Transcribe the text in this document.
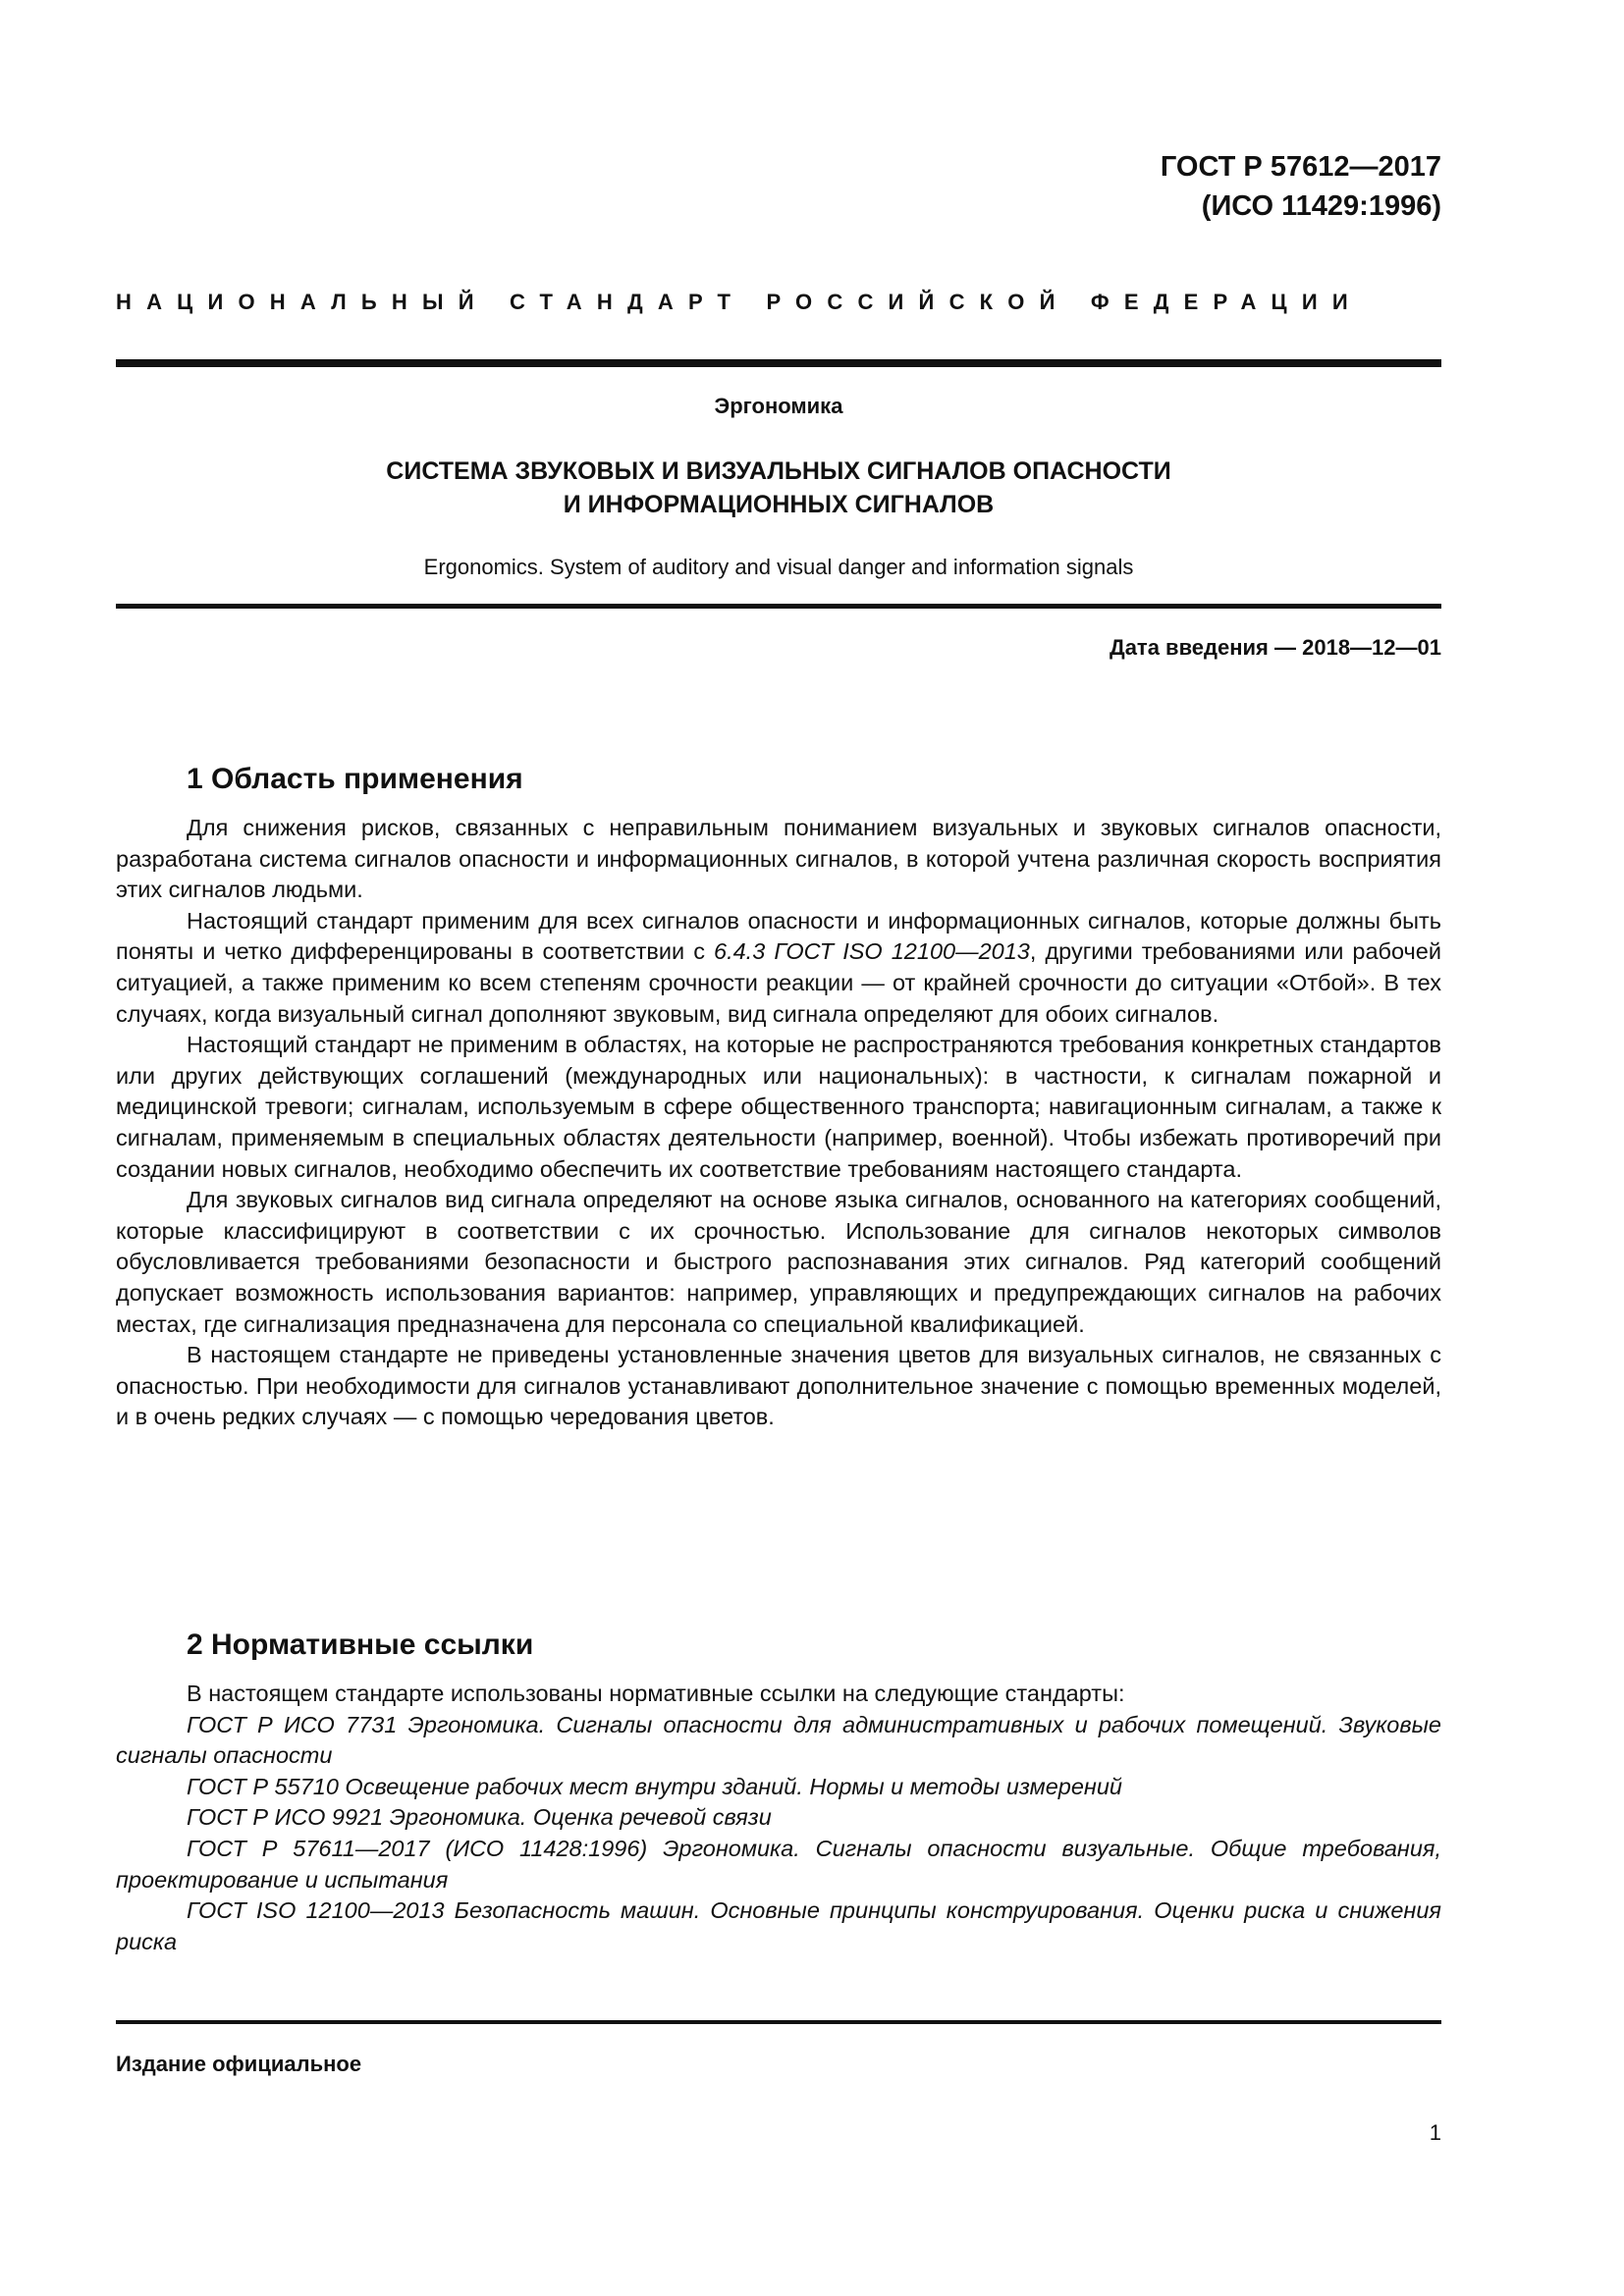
ГОСТ Р 57612—2017
(ИСО 11429:1996)
НАЦИОНАЛЬНЫЙ СТАНДАРТ РОССИЙСКОЙ ФЕДЕРАЦИИ
Эргономика
СИСТЕМА ЗВУКОВЫХ И ВИЗУАЛЬНЫХ СИГНАЛОВ ОПАСНОСТИ
И ИНФОРМАЦИОННЫХ СИГНАЛОВ
Ergonomics. System of auditory and visual danger and information signals
Дата введения — 2018—12—01
1 Область применения

Для снижения рисков, связанных с неправильным пониманием визуальных и звуковых сигналов опасности, разработана система сигналов опасности и информационных сигналов, в которой учтена различная скорость восприятия этих сигналов людьми.

Настоящий стандарт применим для всех сигналов опасности и информационных сигналов, которые должны быть поняты и четко дифференцированы в соответствии с 6.4.3 ГОСТ ISO 12100—2013, другими требованиями или рабочей ситуацией, а также применим ко всем степеням срочности реакции — от крайней срочности до ситуации «Отбой». В тех случаях, когда визуальный сигнал дополняют звуковым, вид сигнала определяют для обоих сигналов.

Настоящий стандарт не применим в областях, на которые не распространяются требования конкретных стандартов или других действующих соглашений (международных или национальных): в частности, к сигналам пожарной и медицинской тревоги; сигналам, используемым в сфере общественного транспорта; навигационным сигналам, а также к сигналам, применяемым в специальных областях деятельности (например, военной). Чтобы избежать противоречий при создании новых сигналов, необходимо обеспечить их соответствие требованиям настоящего стандарта.

Для звуковых сигналов вид сигнала определяют на основе языка сигналов, основанного на категориях сообщений, которые классифицируют в соответствии с их срочностью. Использование для сигналов некоторых символов обусловливается требованиями безопасности и быстрого распознавания этих сигналов. Ряд категорий сообщений допускает возможность использования вариантов: например, управляющих и предупреждающих сигналов на рабочих местах, где сигнализация предназначена для персонала со специальной квалификацией.

В настоящем стандарте не приведены установленные значения цветов для визуальных сигналов, не связанных с опасностью. При необходимости для сигналов устанавливают дополнительное значение с помощью временных моделей, и в очень редких случаях — с помощью чередования цветов.

2 Нормативные ссылки

В настоящем стандарте использованы нормативные ссылки на следующие стандарты:

ГОСТ Р ИСО 7731 Эргономика. Сигналы опасности для административных и рабочих помещений. Звуковые сигналы опасности

ГОСТ Р 55710 Освещение рабочих мест внутри зданий. Нормы и методы измерений

ГОСТ Р ИСО 9921 Эргономика. Оценка речевой связи

ГОСТ Р 57611—2017 (ИСО 11428:1996) Эргономика. Сигналы опасности визуальные. Общие требования, проектирование и испытания

ГОСТ ISO 12100—2013 Безопасность машин. Основные принципы конструирования. Оценки риска и снижения риска

Издание официальное
1
